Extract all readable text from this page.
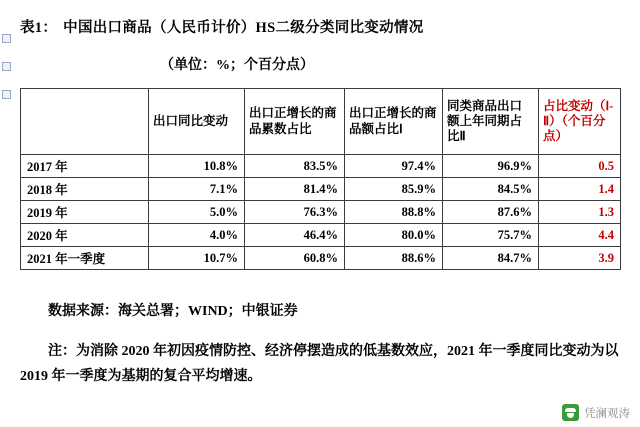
表1： 中国出口商品（人民币计价）HS二级分类同比变动情况
（单位：%；个百分点）
	出口同比变动	出口正增长的商品累数占比	出口正增长的商品额占比Ⅰ	同类商品出口额上年同期占比Ⅱ	占比变动（Ⅰ-Ⅱ）（个百分点）
2017 年	10.8%	83.5%	97.4%	96.9%	0.5
2018 年	7.1%	81.4%	85.9%	84.5%	1.4
2019 年	5.0%	76.3%	88.8%	87.6%	1.3
2020 年	4.0%	46.4%	80.0%	75.7%	4.4
2021 年一季度	10.7%	60.8%	88.6%	84.7%	3.9
数据来源：海关总署；WIND；中银证券
注：为消除 2020 年初因疫情防控、经济停摆造成的低基数效应，2021 年一季度同比变动为以 2019 年一季度为基期的复合平均增速。
凭澜观涛
